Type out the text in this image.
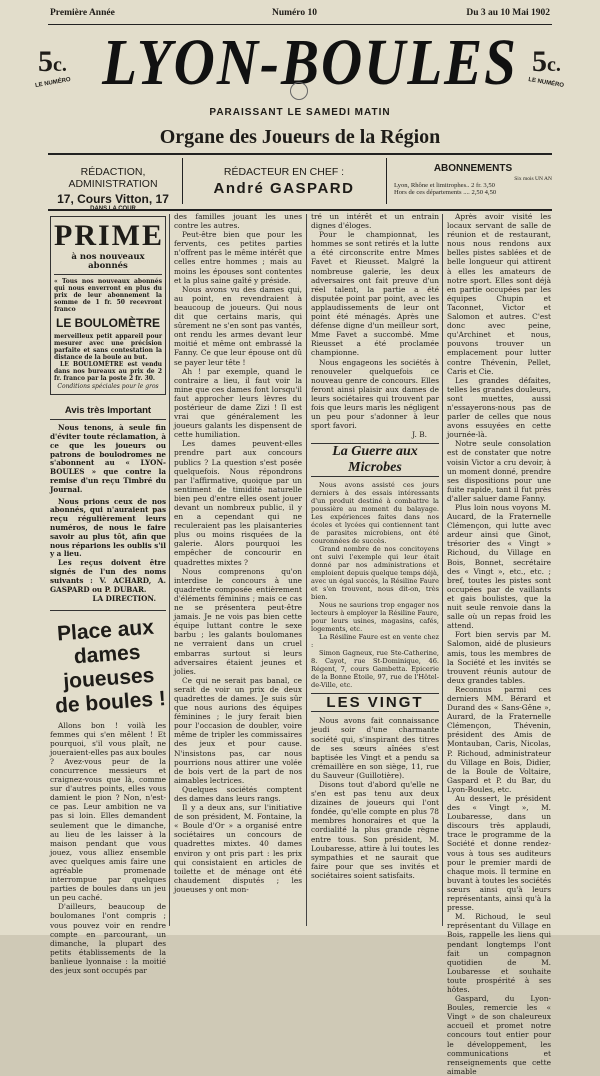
Première Année	Numéro 10	Du 3 au 10 Mai 1902
5c.
LE NUMÉRO
5c.
LE NUMÉRO
LYON-BOULES
PARAISSANT LE SAMEDI MATIN
Organe des Joueurs de la Région
RÉDACTION, ADMINISTRATION
17, Cours Vitton, 17
RÉDACTEUR EN CHEF :
André GASPARD
ABONNEMENTS
Six mois UN AN
Lyon, Rhône et limitrophes.. 2 fr. 3,50
Hors de ces départements .... 2,50 4,50
PRIME
à nos nouveaux abonnés

« Tous nos nouveaux abonnés qui nous enverront en plus du prix de leur abonnement la somme de 1 fr. 50 recevront franco

LE BOULOMÈTRE

merveilleux petit appareil pour mesurer avec une précision parfaite et sans contestation la distance de la boule au but.

LE BOULOMÈTRE est vendu dans nos bureaux au prix de 2 fr. franco par la poste 2 fr. 30.

Conditions spéciales pour le gros
Avis très Important

Nous tenons, à seule fin d'éviter toute réclamation, à ce que les joueurs ou patrons de boulodromes ne s'abonnent au « LYON-BOULES » que contre la remise d'un reçu Timbré du Journal.

Nous prions ceux de nos abonnés, qui n'auraient pas reçu régulièrement leurs numéros, de nous le faire savoir au plus tôt, afin que nous réparions les oublis s'il y a lieu.

Les reçus doivent être signés de l'un des noms suivants : V. ACHARD, A. GASPARD ou P. DUBAR.

LA DIRECTION.
Place aux dames joueuses de boules !

Allons bon ! voilà les femmes qui s'en mêlent ! Et pourquoi, s'il vous plaît, ne joueraient-elles pas aux boules ? Avez-vous peur de la concurrence messieurs et craignez-vous que là, comme sur d'autres points, elles vous damient le pion ? Non, n'est-ce pas. Leur ambition ne va pas si loin. Elles demandent seulement que le dimanche, au lieu de les laisser à la maison pendant que vous jouez, vous alliez ensemble avec quelques amis faire une agréable promenade interrompue par quelques parties de boules dans un jeu un peu caché.

D'ailleurs, beaucoup de boulomanes l'ont compris ; vous pouvez voir en rendre compte en parcourant, un dimanche, la plupart des petits établissements de la banlieue lyonnaise : la moitié des jeux sont occupés par

des familles jouant les unes contre les autres.

Peut-être bien que pour les fervents, ces petites parties n'offrent pas le même intérêt que celles entre hommes ; mais au moins les épouses sont contentes et la plus saine gaîté y préside.

Nous avons vu des dames qui, au point, en revendraient à beaucoup de joueurs. Qui nous dit que certains maris, qui sûrement ne s'en sont pas vantés, ont rendu les armes devant leur moitié et même ont embrassé la Fanny. Ce que leur épouse ont dû se payer leur tête !

Ah ! par exemple, quand le contraire a lieu, il faut voir la mine que ces dames font lorsqu'il faut approcher leurs lèvres du postérieur de dame Zizi ! Il est vrai que généralement les joueurs galants les dispensent de cette humiliation.

Les dames peuvent-elles prendre part aux concours publics ? La question s'est posée quelquefois. Nous répondrons par l'affirmative, quoique par un sentiment de timidité naturelle bien peu d'entre elles osent jouer devant un nombreux public, il y en a cependant qui ne reculeraient pas les plaisanteries plus ou moins risquées de la galerie. Alors pourquoi les empêcher de concourir en quadrettes mixtes ?

Nous comprenons qu'on interdise le concours à une quadrette composée entièrement d'éléments féminins ; mais ce cas ne se présentera peut-être jamais. Je ne vois pas bien cette équipe luttant contre le sexe barbu ; les galants boulomanes ne verraient dans un cruel embarras surtout si leurs adversaires étaient jeunes et jolies.

Ce qui ne serait pas banal, ce serait de voir un prix de deux quadrettes de dames. Je suis sûr que nous aurions des équipes féminines ; le jury ferait bien pour l'occasion de doubler, voire même de tripler les commissaires des jeux et pour cause. N'insistons pas, car nous pourrions nous attirer une volée de bois vert de la part de nos aimables lectrices.

Quelques sociétés comptent des dames dans leurs rangs.

Il y a deux ans, sur l'initiative de son président, M. Fontaine, la « Boule d'Or » a organisé entre sociétaires un concours de quadrettes mixtes. 40 dames environ y ont pris part : les prix qui consistaient en articles de toilette et de ménage ont été chaudement disputés ; les joueuses y ont mon-

tré un intérêt et un entrain dignes d'éloges.

Pour le championnat, les hommes se sont retirés et la lutte a été circonscrite entre Mmes Favet et Rieusset. Malgré la nombreuse galerie, les deux adversaires ont fait preuve d'un réel talent, la partie a été disputée point par point, avec les applaudissements de leur ont point été ménagés. Après une défense digne d'un meilleur sort, Mme Favet a succombé. Mme Rieusset a été proclamée championne.

Nous engageons les sociétés à renouveler quelquefois ce nouveau genre de concours. Elles feront ainsi plaisir aux dames de leurs sociétaires qui trouvent par fois que leurs maris les négligent un peu pour s'adonner à leur sport favori.

J. B.
La Guerre aux Microbes

Nous avons assisté ces jours derniers à des essais intéressants d'un produit destiné à combattre la poussière au moment du balayage. Les expériences faites dans nos écoles et lycées qui contiennent tant de parasites microbiens, ont été couronnées de succès.

Grand nombre de nos concitoyens ont suivi l'exemple qui leur était donné par nos administrations et emploient depuis quelque temps déjà, avec un égal succès, la Résiline Faure et s'en trouvent, nous dit-on, très bien.

Nous ne saurions trop engager nos lecteurs à employer la Résiline Faure, pour leurs usines, magasins, cafés, logements, etc.

La Résiline Faure est en vente chez :

Simon Gagneux, rue Ste-Catherine, 8. Cayot, rue St-Dominique, 46. Régent, 7, cours Gambetta. Epicerie de la Bonne Étoile, 97, rue de l'Hôtel-de-Ville, etc.

LES VINGT

Nous avons fait connaissance jeudi soir d'une charmante société qui, s'inspirant des titres de ses sœurs aînées s'est baptisée les Vingt et a pendu sa crémaillère en son siège, 11, rue du Sauveur (Guillotière).

Disons tout d'abord qu'elle ne s'en est pas tenu aux deux dizaines de joueurs qui l'ont fondée, qu'elle compte en plus 78 membres honoraires et que la cordialité la plus grande règne entre tous. Son président, M. Loubaresse, attire à lui toutes les sympathies et ne saurait que faire pour que ses invités et sociétaires soient satisfaits.

Après avoir visité les locaux servant de salle de réunion et de restaurant, nous nous rendons aux belles pistes sablées et de belle longueur qui attirent à elles les amateurs de notre sport. Elles sont déjà en partie occupées par les équipes Chupin et Taconnet, Victor et Salomon et autres. C'est donc avec peine, qu'Archinet et nous, pouvons trouver un emplacement pour lutter contre Thévenin, Pellet, Caris et Cie.

Les grandes défaites, telles les grandes douleurs, sont muettes, aussi n'essayerons-nous pas de parler de celles que nous avons essuyées en cette journée-là.

Notre seule consolation est de constater que notre voisin Victor a cru devoir, à un moment donné, prendre ses dispositions pour une fuite rapide, tant il fut près d'aller saluer dame Fanny.

Plus loin nous voyons M. Aucard, de la Fraternelle Clémençon, qui lutte avec ardeur ainsi que Ginot, trésorier des « Vingt » Richoud, du Village en Bois, Bonnet, secrétaire des « Vingt », etc., etc. ; bref, toutes les pistes sont occupées par de vaillants et gais boulistes, que la nuit seule renvoie dans la salle où un repas froid les attend.

Fort bien servis par M. Salomon, aidé de plusieurs amis, tous les membres de la Société et les invités se trouvent réunis autour de deux grandes tables.

Reconnus parmi ces derniers MM. Bérard et Durand des « Sans-Gêne », Aurard, de la Fraternelle Clémençon, Thévenin, président des Amis de Montauban, Caris, Nicolas, P. Richoud, administrateur du Village en Bois, Didier, de la Boule de Voltaire, Gaspard et P. du Bar, du Lyon-Boules, etc.

Au dessert, le président des « Vingt », M. Loubaresse, dans un discours très applaudi, trace le programme de la Société et donne rendez-vous à tous ses auditeurs pour le premier mardi de chaque mois. Il termine en buvant à toutes les sociétés sœurs ainsi qu'à leurs représentants, ainsi qu'à la presse.

M. Richoud, le seul représentant du Village en Bois, rappelle les liens qui pendant longtemps l'ont fait un compagnon quotidien de M. Loubaresse et souhaite toute prospérité à ses hôtes.

Gaspard, du Lyon-Boules, remercie les « Vingt » de son chaleureux accueil et promet notre concours tout entier pour le développement, les communications et renseignements que cette aimable
